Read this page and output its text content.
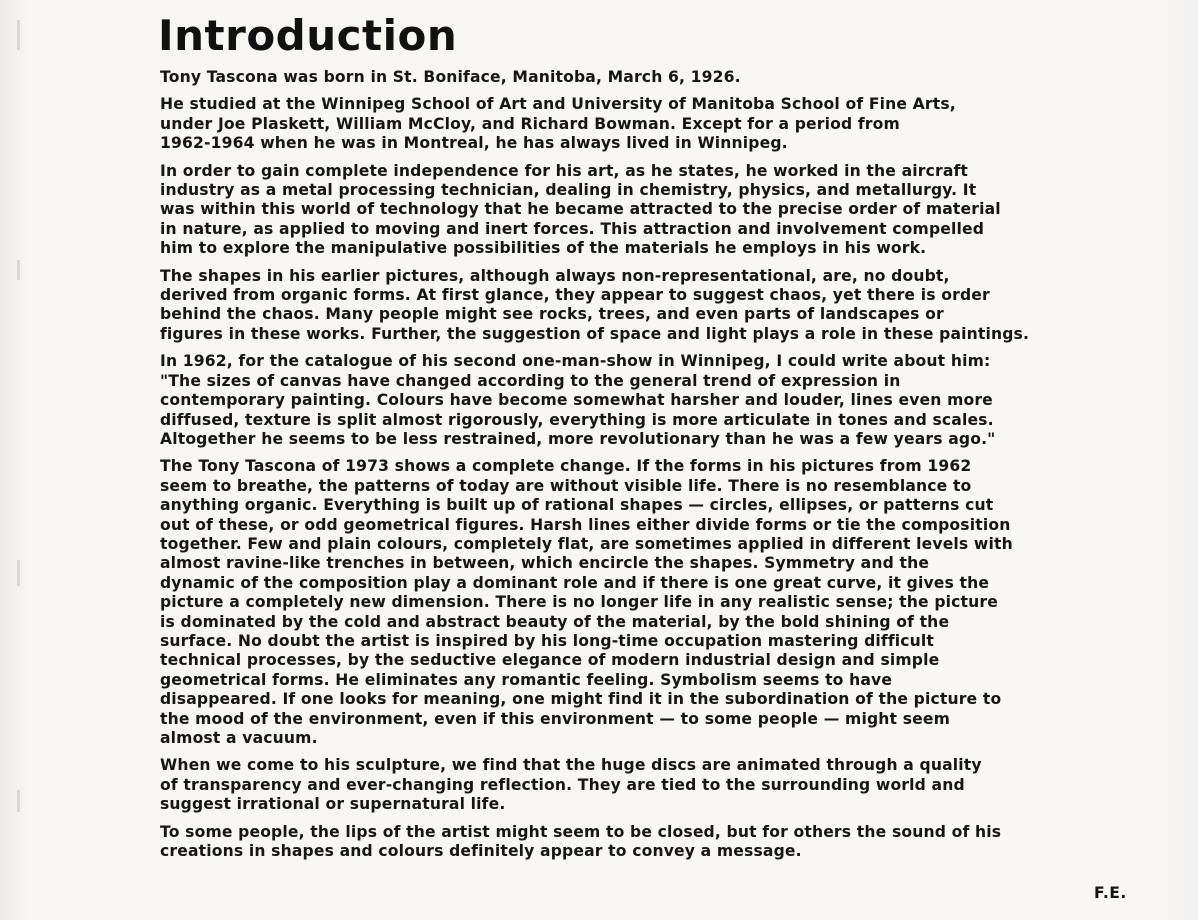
Introduction

Tony Tascona was born in St. Boniface, Manitoba, March 6, 1926.

He studied at the Winnipeg School of Art and University of Manitoba School of Fine Arts,
under Joe Plaskett, William McCloy, and Richard Bowman. Except for a period from
1962-1964 when he was in Montreal, he has always lived in Winnipeg.

In order to gain complete independence for his art, as he states, he worked in the aircraft
industry as a metal processing technician, dealing in chemistry, physics, and metallurgy. It
was within this world of technology that he became attracted to the precise order of material
in nature, as applied to moving and inert forces. This attraction and involvement compelled
him to explore the manipulative possibilities of the materials he employs in his work.

The shapes in his earlier pictures, although always non-representational, are, no doubt,
derived from organic forms. At first glance, they appear to suggest chaos, yet there is order
behind the chaos. Many people might see rocks, trees, and even parts of landscapes or
figures in these works. Further, the suggestion of space and light plays a role in these paintings.

In 1962, for the catalogue of his second one-man-show in Winnipeg, I could write about him:
"The sizes of canvas have changed according to the general trend of expression in
contemporary painting. Colours have become somewhat harsher and louder, lines even more
diffused, texture is split almost rigorously, everything is more articulate in tones and scales.
Altogether he seems to be less restrained, more revolutionary than he was a few years ago."

The Tony Tascona of 1973 shows a complete change. If the forms in his pictures from 1962
seem to breathe, the patterns of today are without visible life. There is no resemblance to
anything organic. Everything is built up of rational shapes — circles, ellipses, or patterns cut
out of these, or odd geometrical figures. Harsh lines either divide forms or tie the composition
together. Few and plain colours, completely flat, are sometimes applied in different levels with
almost ravine-like trenches in between, which encircle the shapes. Symmetry and the
dynamic of the composition play a dominant role and if there is one great curve, it gives the
picture a completely new dimension. There is no longer life in any realistic sense; the picture
is dominated by the cold and abstract beauty of the material, by the bold shining of the
surface. No doubt the artist is inspired by his long-time occupation mastering difficult
technical processes, by the seductive elegance of modern industrial design and simple
geometrical forms. He eliminates any romantic feeling. Symbolism seems to have
disappeared. If one looks for meaning, one might find it in the subordination of the picture to
the mood of the environment, even if this environment — to some people — might seem
almost a vacuum.

When we come to his sculpture, we find that the huge discs are animated through a quality
of transparency and ever-changing reflection. They are tied to the surrounding world and
suggest irrational or supernatural life.

To some people, the lips of the artist might seem to be closed, but for others the sound of his
creations in shapes and colours definitely appear to convey a message.

F.E.
